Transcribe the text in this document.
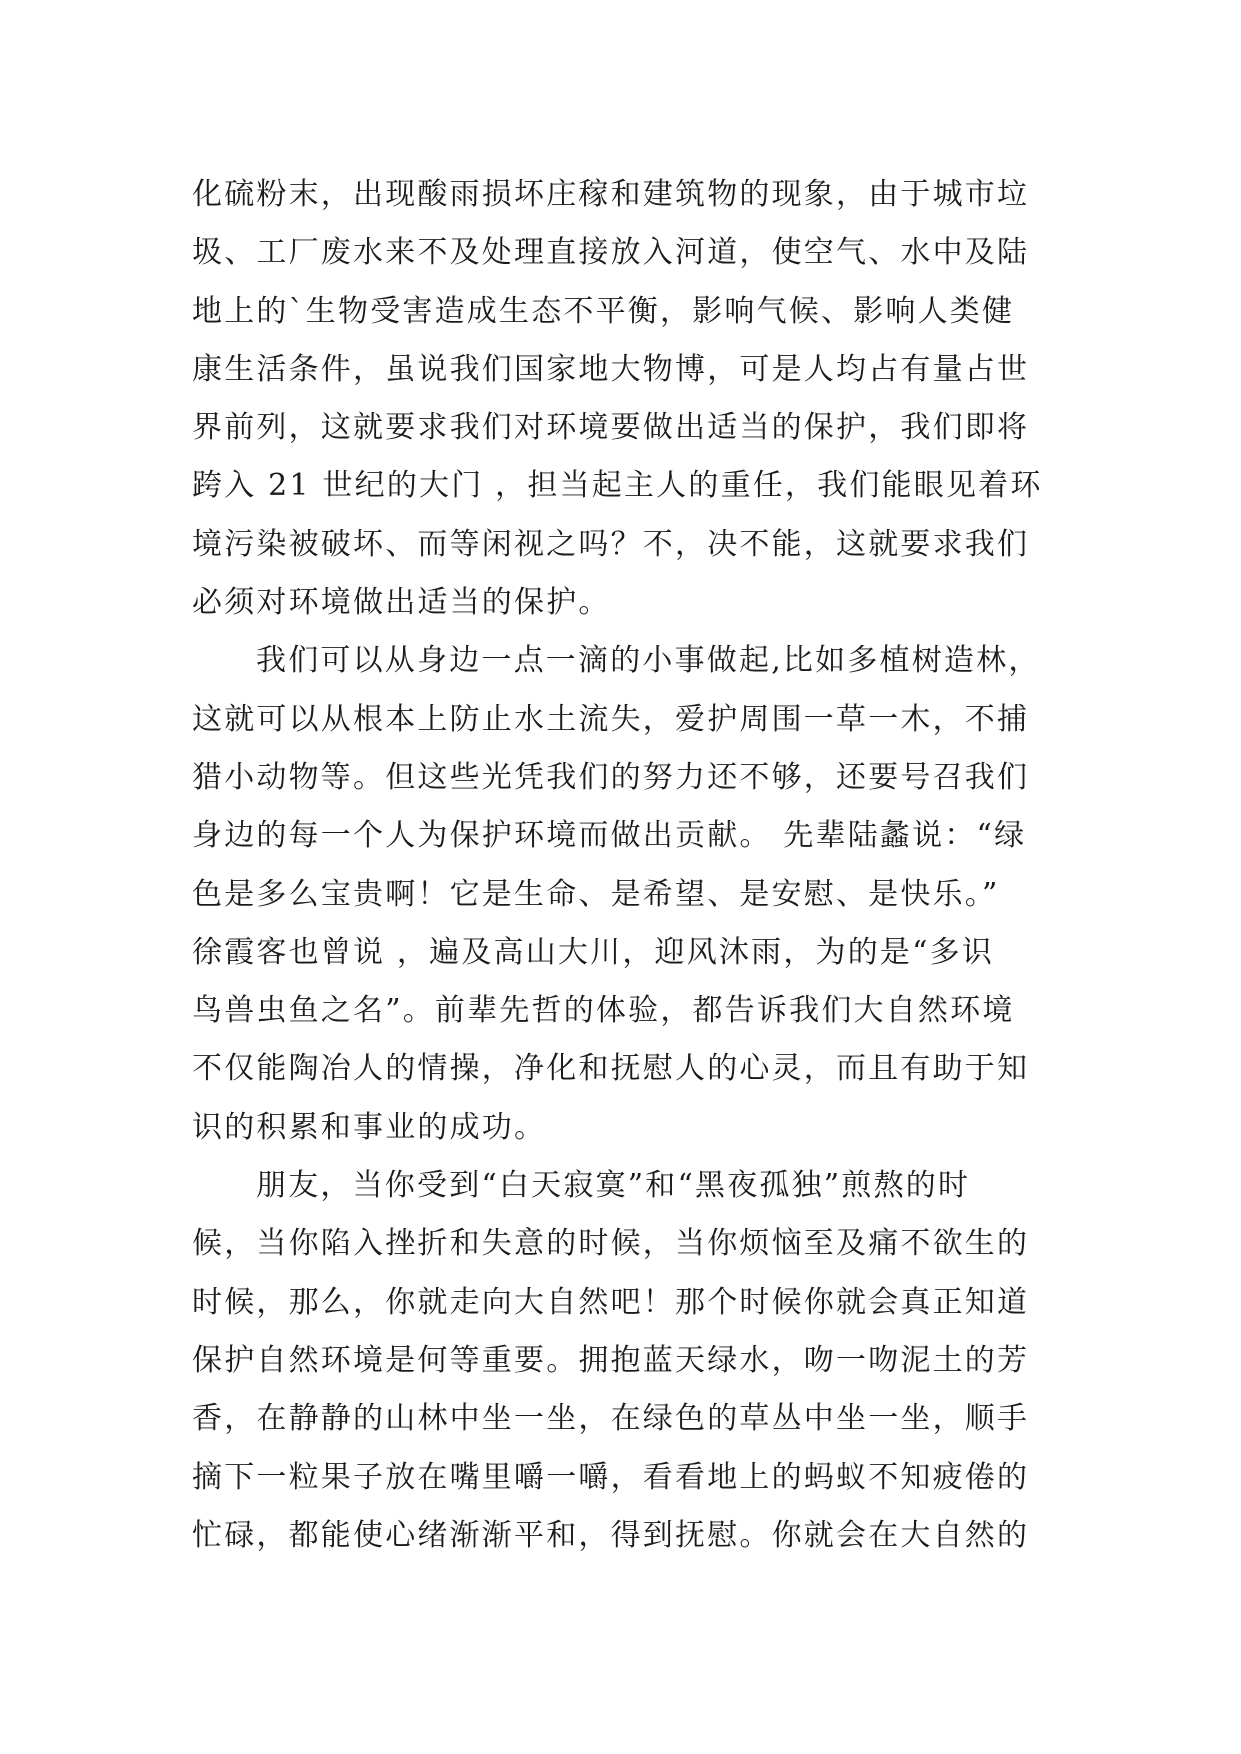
化硫粉末，出现酸雨损坏庄稼和建筑物的现象，由于城市垃
圾、工厂废水来不及处理直接放入河道，使空气、水中及陆
地上的`生物受害造成生态不平衡，影响气候、影响人类健
康生活条件，虽说我们国家地大物博，可是人均占有量占世
界前列，这就要求我们对环境要做出适当的保护，我们即将
跨入 21 世纪的大门 ，担当起主人的重任，我们能眼见着环
境污染被破坏、而等闲视之吗？不，决不能，这就要求我们
必须对环境做出适当的保护。
我们可以从身边一点一滴的小事做起,比如多植树造林，
这就可以从根本上防止水土流失，爱护周围一草一木，不捕
猎小动物等。但这些光凭我们的努力还不够，还要号召我们
身边的每一个人为保护环境而做出贡献。 先辈陆蠡说：“绿
色是多么宝贵啊！它是生命、是希望、是安慰、是快乐。”
徐霞客也曾说 ，遍及高山大川，迎风沐雨，为的是“多识
鸟兽虫鱼之名”。前辈先哲的体验，都告诉我们大自然环境
不仅能陶冶人的情操，净化和抚慰人的心灵，而且有助于知
识的积累和事业的成功。
朋友，当你受到“白天寂寞”和“黑夜孤独”煎熬的时
候，当你陷入挫折和失意的时候，当你烦恼至及痛不欲生的
时候，那么，你就走向大自然吧！那个时候你就会真正知道
保护自然环境是何等重要。拥抱蓝天绿水，吻一吻泥土的芳
香，在静静的山林中坐一坐，在绿色的草丛中坐一坐，顺手
摘下一粒果子放在嘴里嚼一嚼，看看地上的蚂蚁不知疲倦的
忙碌，都能使心绪渐渐平和，得到抚慰。你就会在大自然的
